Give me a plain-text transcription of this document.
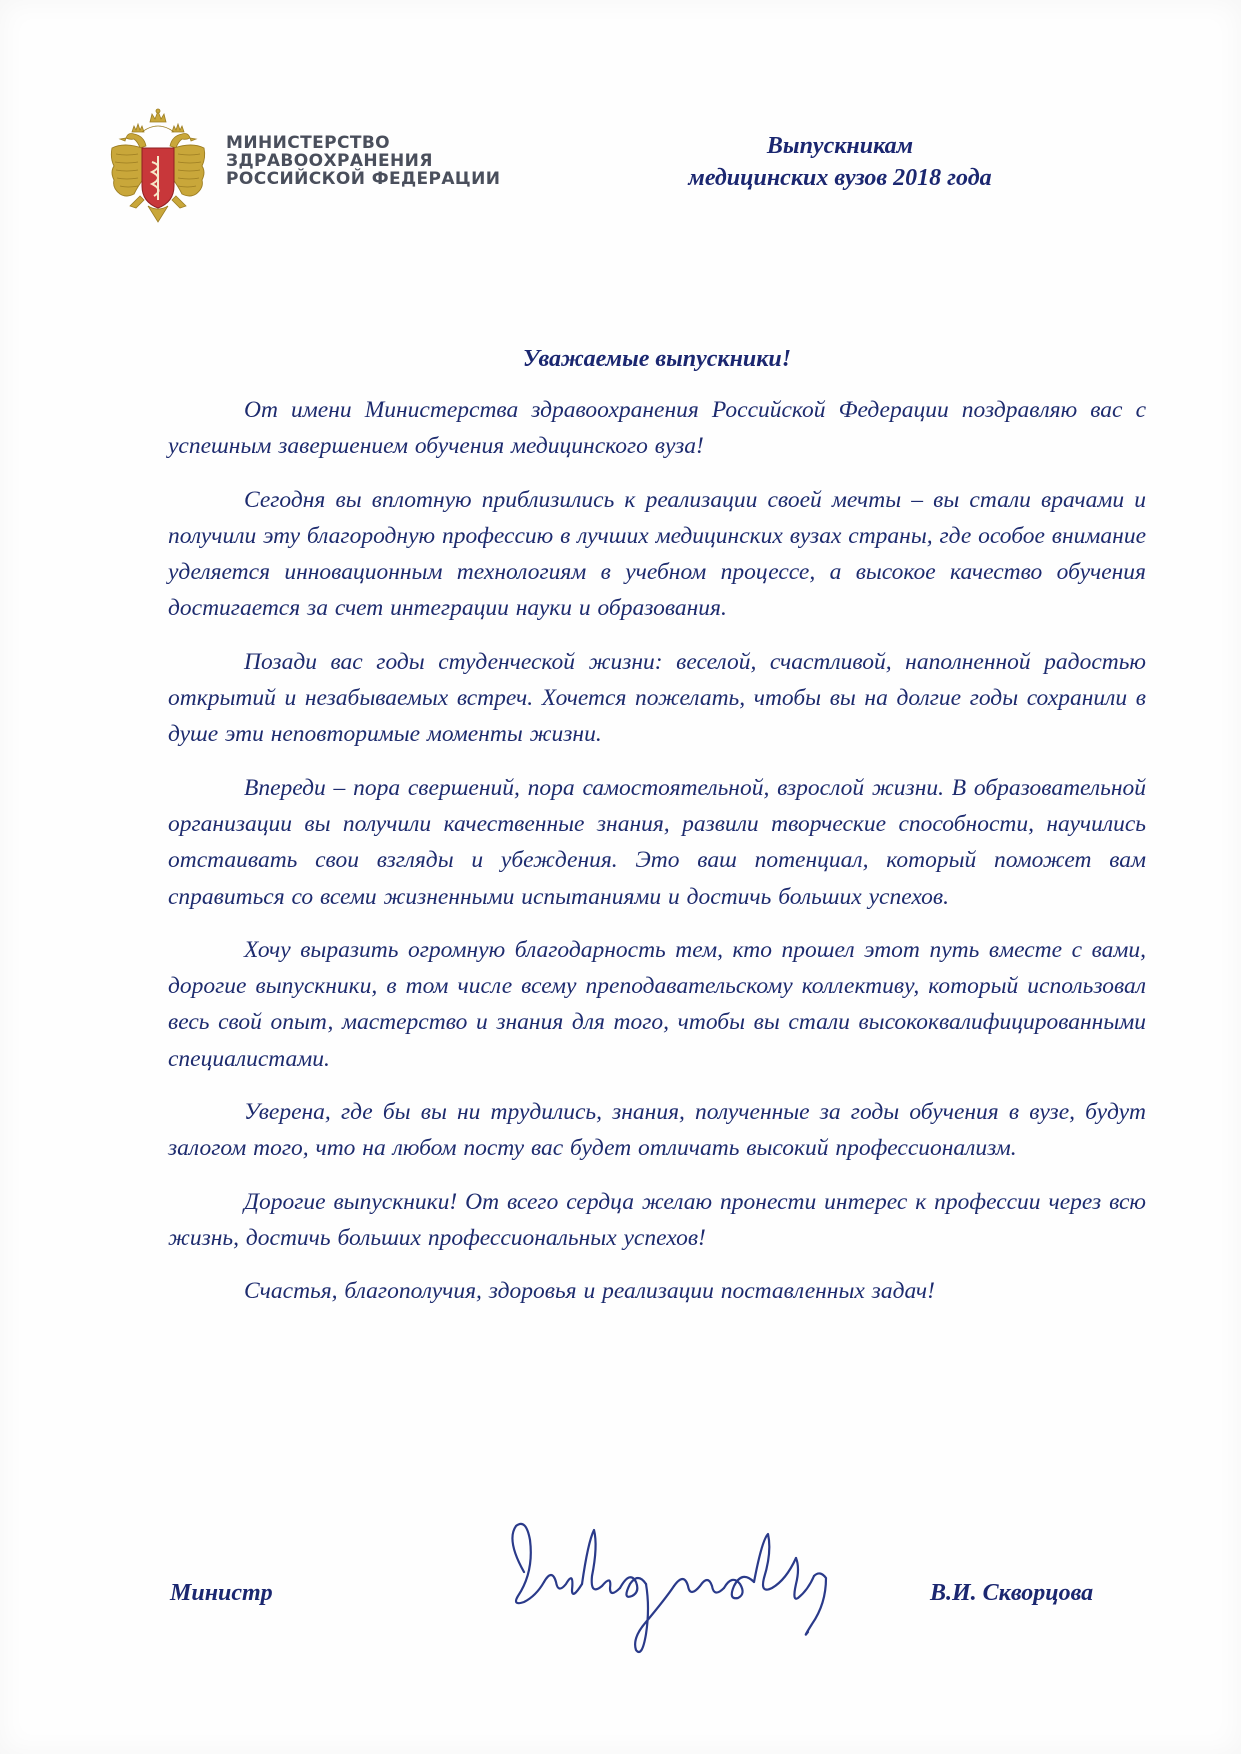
МИНИСТЕРСТВО
ЗДРАВООХРАНЕНИЯ
РОССИЙСКОЙ ФЕДЕРАЦИИ
Выпускникам
медицинских вузов 2018 года
Уважаемые выпускники!

От имени Министерства здравоохранения Российской Федерации поздравляю вас с успешным завершением обучения медицинского вуза!

Сегодня вы вплотную приблизились к реализации своей мечты – вы стали врачами и получили эту благородную профессию в лучших медицинских вузах страны, где особое внимание уделяется инновационным технологиям в учебном процессе, а высокое качество обучения достигается за счет интеграции науки и образования.

Позади вас годы студенческой жизни: веселой, счастливой, наполненной радостью открытий и незабываемых встреч. Хочется пожелать, чтобы вы на долгие годы сохранили в душе эти неповторимые моменты жизни.

Впереди – пора свершений, пора самостоятельной, взрослой жизни. В образовательной организации вы получили качественные знания, развили творческие способности, научились отстаивать свои взгляды и убеждения. Это ваш потенциал, который поможет вам справиться со всеми жизненными испытаниями и достичь больших успехов.

Хочу выразить огромную благодарность тем, кто прошел этот путь вместе с вами, дорогие выпускники, в том числе всему преподавательскому коллективу, который использовал весь свой опыт, мастерство и знания для того, чтобы вы стали высококвалифицированными специалистами.

Уверена, где бы вы ни трудились, знания, полученные за годы обучения в вузе, будут залогом того, что на любом посту вас будет отличать высокий профессионализм.

Дорогие выпускники! От всего сердца желаю пронести интерес к профессии через всю жизнь, достичь больших профессиональных успехов!

Счастья, благополучия, здоровья и реализации поставленных задач!

Министр	В.И. Скворцова
